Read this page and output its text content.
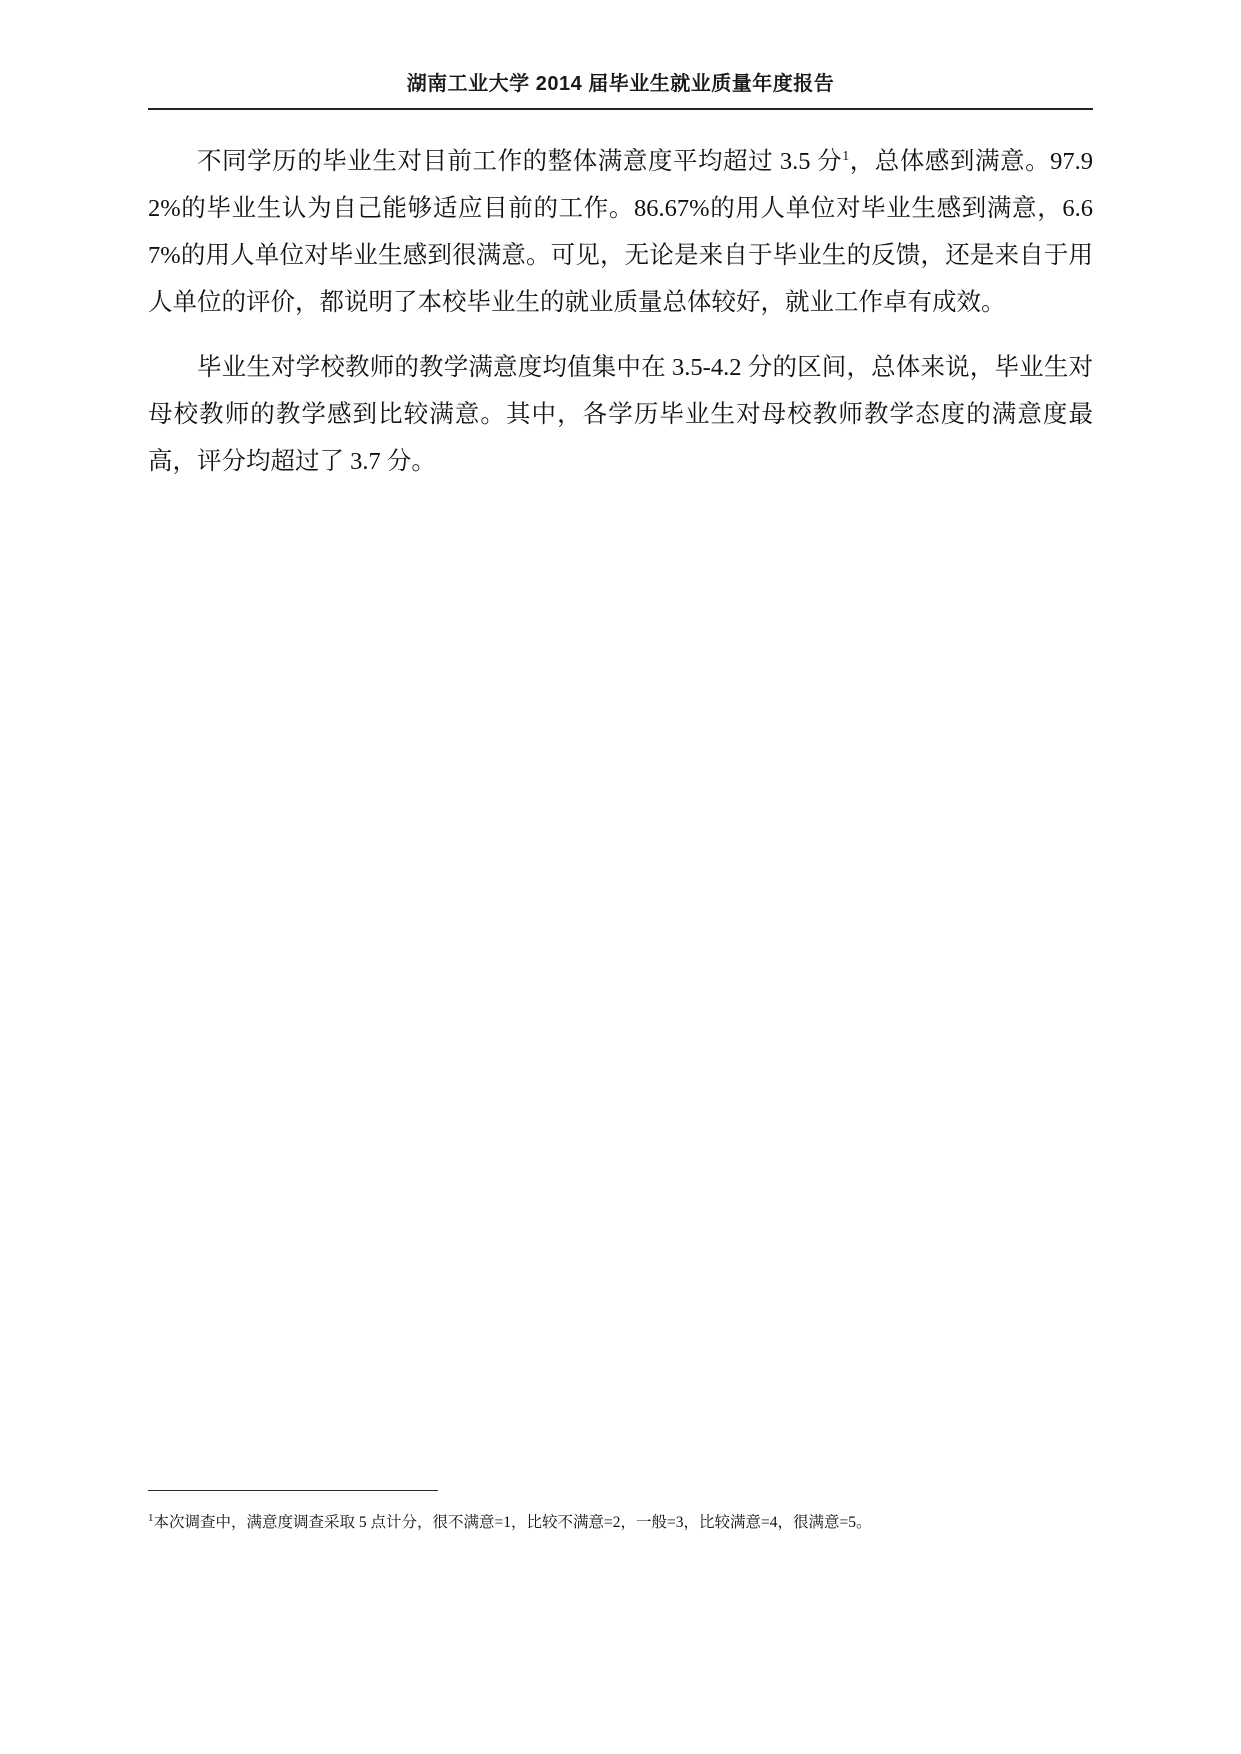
湖南工业大学 2014 届毕业生就业质量年度报告

不同学历的毕业生对目前工作的整体满意度平均超过 3.5 分$^1$，总体感到满意。97.92%的毕业生认为自己能够适应目前的工作。86.67%的用人单位对毕业生感到满意，6.67%的用人单位对毕业生感到很满意。可见，无论是来自于毕业生的反馈，还是来自于用人单位的评价，都说明了本校毕业生的就业质量总体较好，就业工作卓有成效。

毕业生对学校教师的教学满意度均值集中在 3.5-4.2 分的区间，总体来说，毕业生对母校教师的教学感到比较满意。其中，各学历毕业生对母校教师教学态度的满意度最高，评分均超过了 3.7 分。

$^1$本次调查中，满意度调查采取 5 点计分，很不满意=1，比较不满意=2，一般=3，比较满意=4，很满意=5。
